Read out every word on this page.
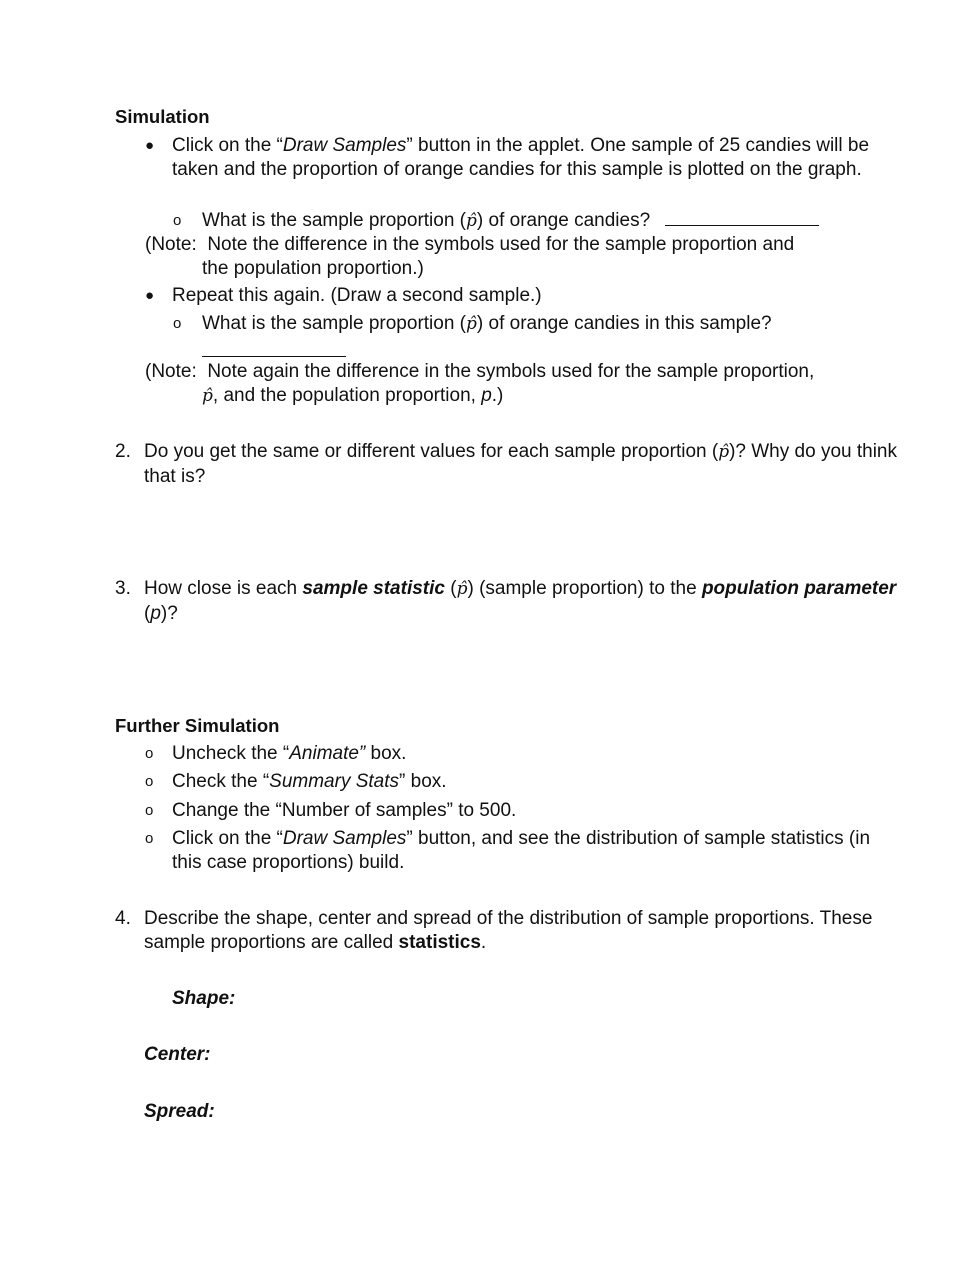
Simulation
● Click on the “Draw Samples” button in the applet. One sample of 25 candies will be taken and the proportion of orange candies for this sample is plotted on the graph.
o What is the sample proportion (p̂) of orange candies?
(Note: Note the difference in the symbols used for the sample proportion and
the population proportion.)
● Repeat this again. (Draw a second sample.)
o What is the sample proportion (p̂) of orange candies in this sample?
(Note: Note again the difference in the symbols used for the sample proportion,
p̂, and the population proportion, p.)
2. Do you get the same or different values for each sample proportion (p̂)? Why do you think that is?
3. How close is each sample statistic (p̂) (sample proportion) to the population parameter (p)?
Further Simulation
o Uncheck the “Animate” box.
o Check the “Summary Stats” box.
o Change the “Number of samples” to 500.
o Click on the “Draw Samples” button, and see the distribution of sample statistics (in this case proportions) build.
4. Describe the shape, center and spread of the distribution of sample proportions. These sample proportions are called statistics.
Shape:
Center:
Spread:
